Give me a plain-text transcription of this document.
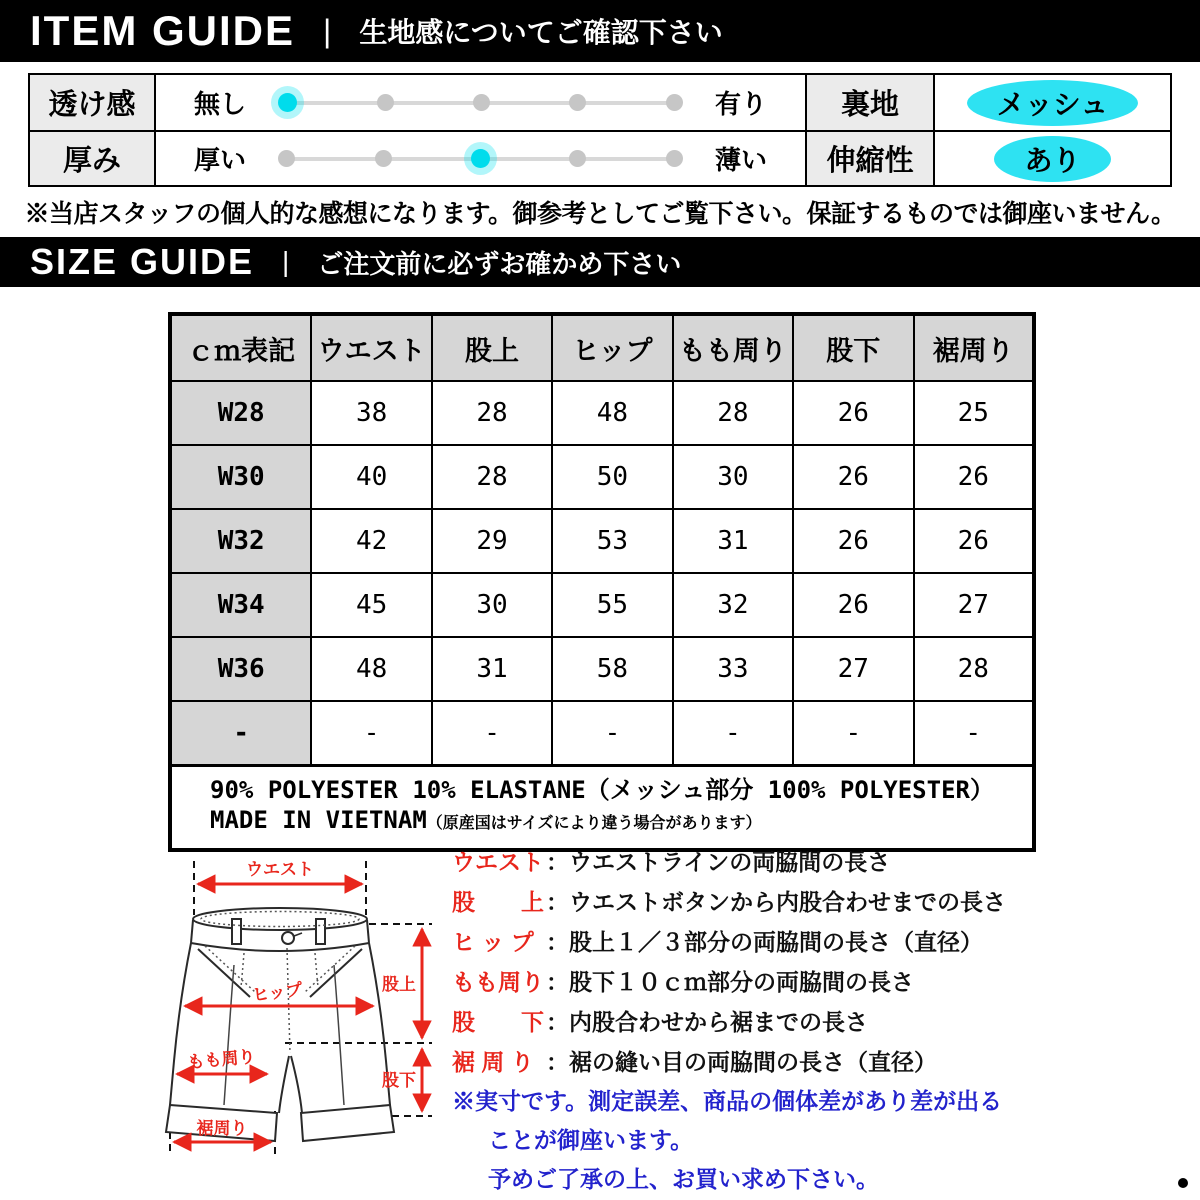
ITEM GUIDE | 生地感についてご確認下さい
透け感	無し	有り	裏地	メッシュ
厚み	厚い	薄い	伸縮性	あり
※当店スタッフの個人的な感想になります。御参考としてご覧下さい。保証するものでは御座いません。
SIZE GUIDE | ご注文前に必ずお確かめ下さい
ｃｍ表記	ウエスト	股上	ヒップ	もも周り	股下	裾周り
W28	38	28	48	28	26	25
W30	40	28	50	30	26	26
W32	42	29	53	31	26	26
W34	45	30	55	32	26	27
W36	48	31	58	33	27	28
-	-	-	-	-	-	-

90% POLYESTER 10% ELASTANE（メッシュ部分 100% POLYESTER）
MADE IN VIETNAM（原産国はサイズにより違う場合があります）						
ウエスト
ヒップ
もも周り
股上
股下
裾周り
ウエスト：ウエストラインの両脇間の長さ
股　　上：ウエストボタンから内股合わせまでの長さ
ヒ ッ プ ：股上１／３部分の両脇間の長さ（直径）
もも周り：股下１０ｃｍ部分の両脇間の長さ
股　　下：内股合わせから裾までの長さ
裾 周 り ：裾の縫い目の両脇間の長さ（直径）
※実寸です。測定誤差、商品の個体差があり差が出る
ことが御座います。
予めご了承の上、お買い求め下さい。
